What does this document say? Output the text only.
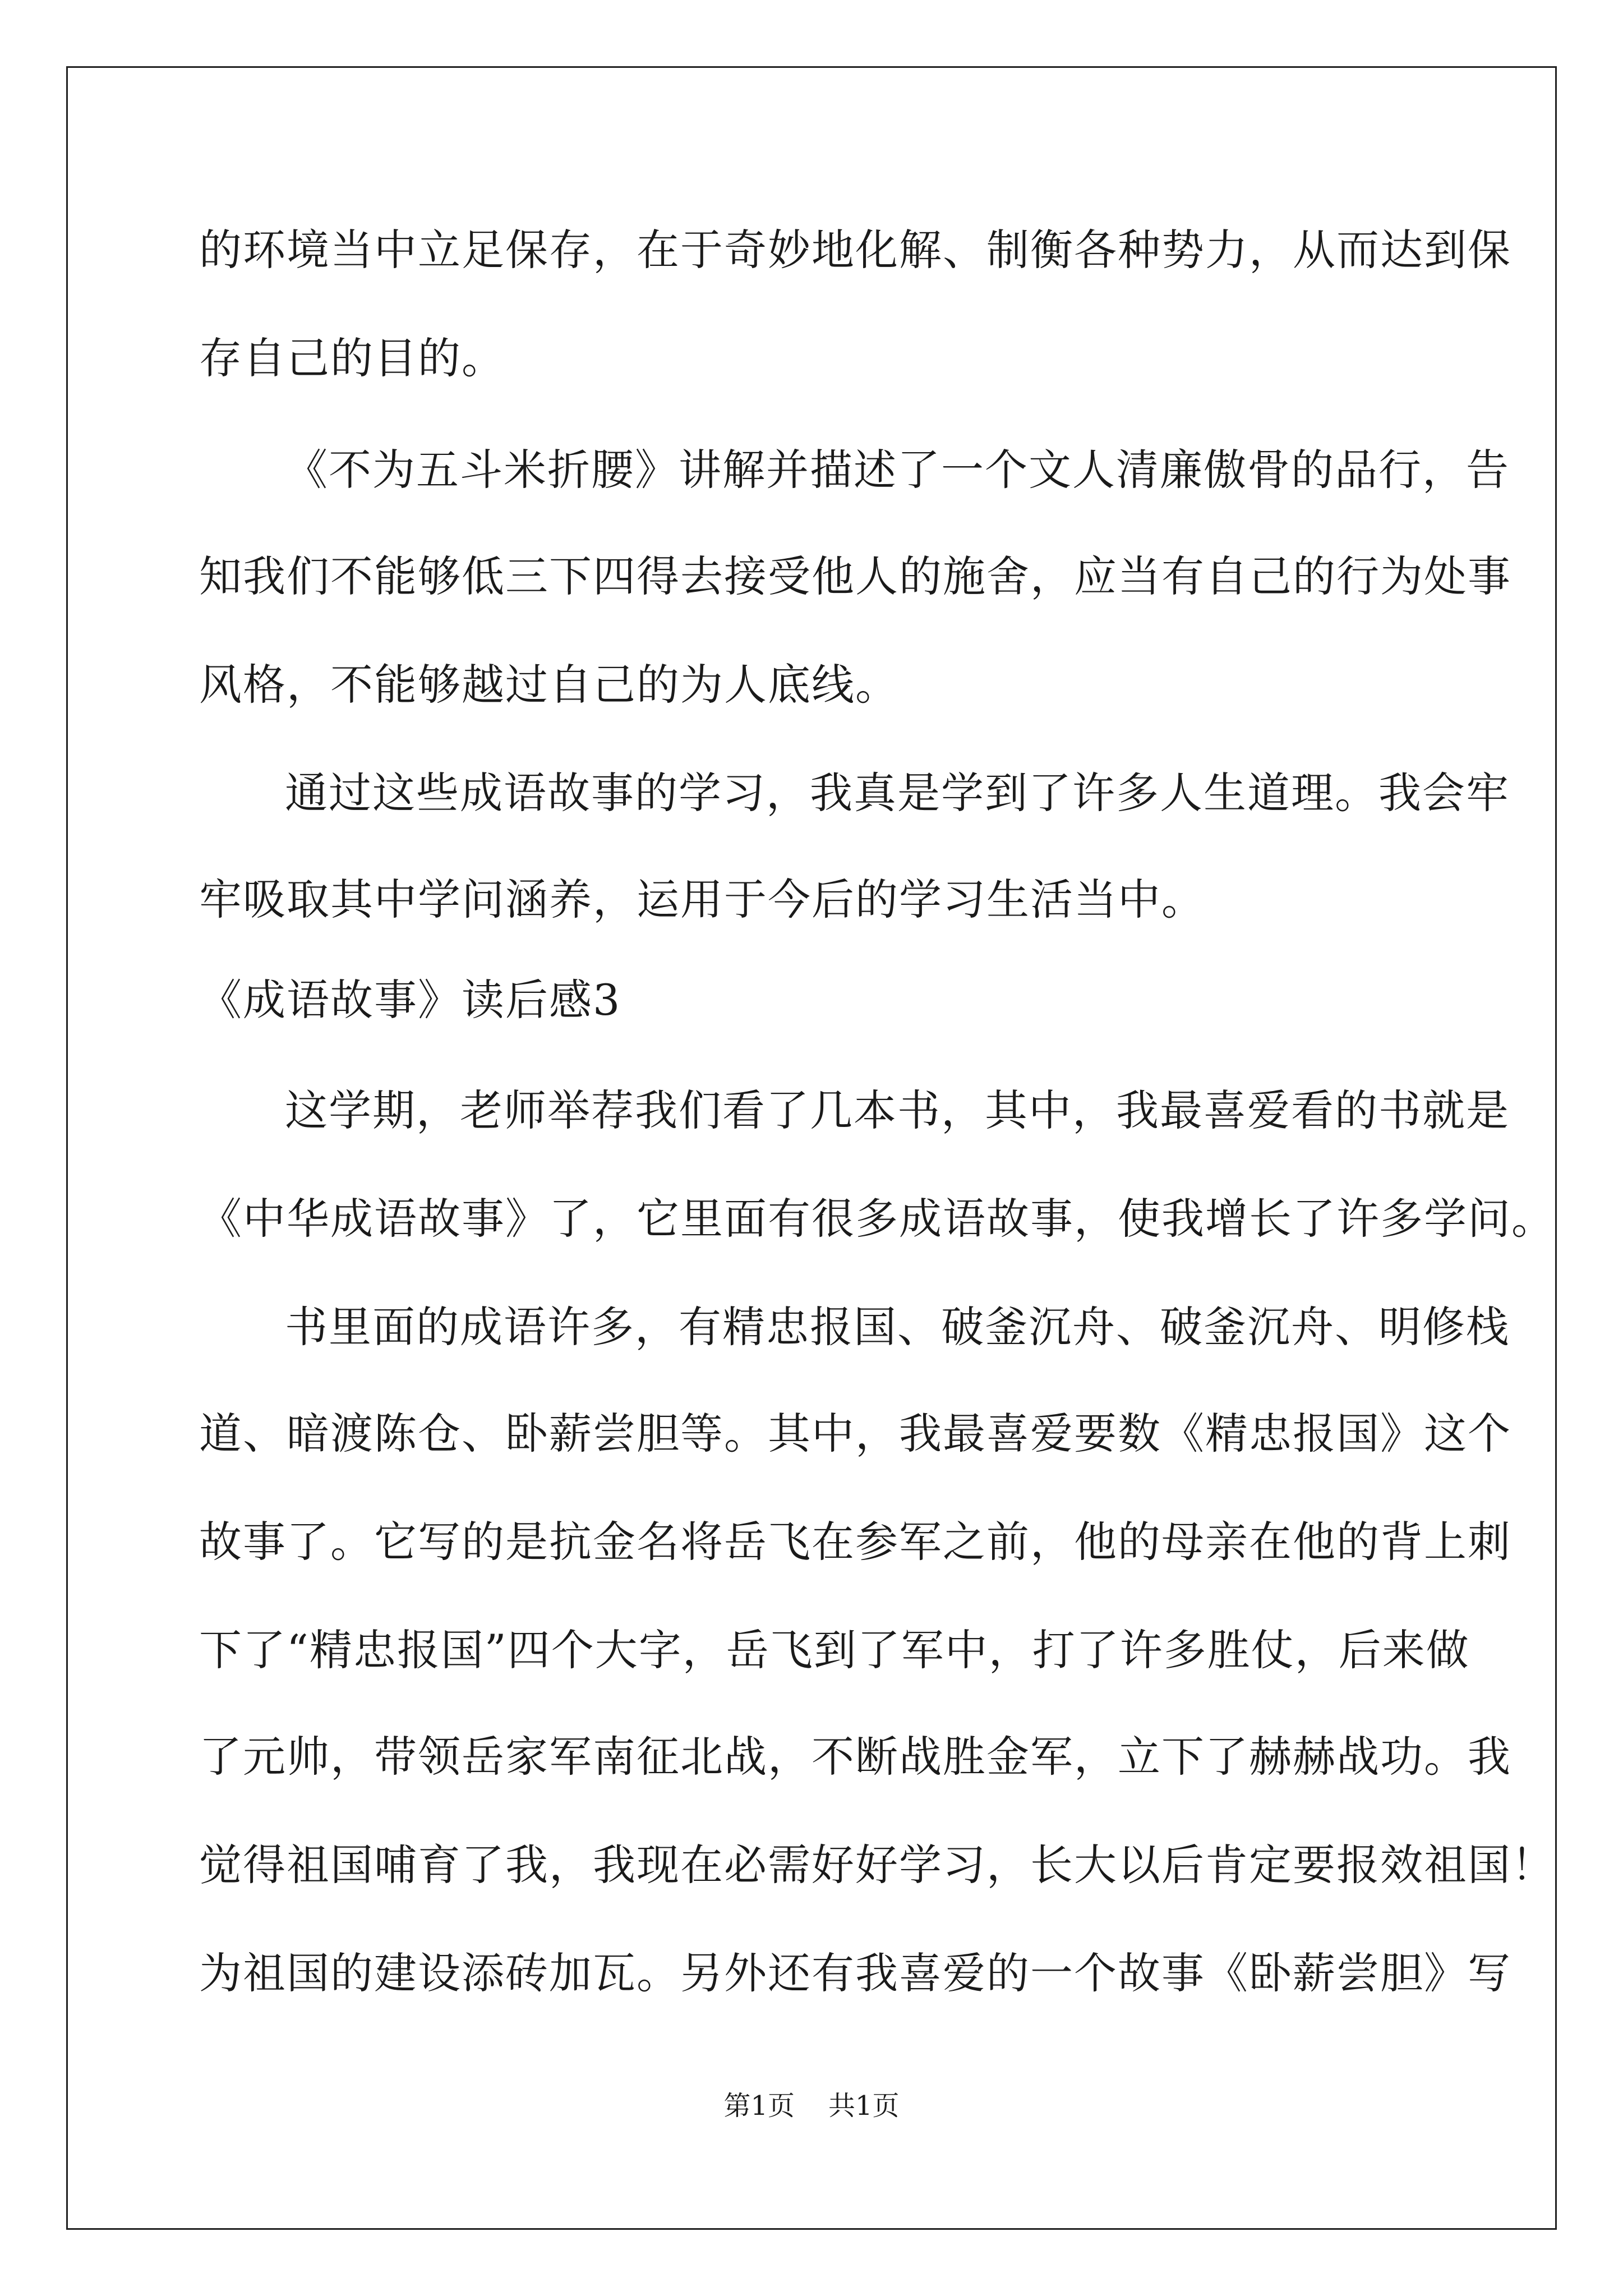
的环境当中立足保存，在于奇妙地化解、制衡各种势力，从而达到保
存自己的目的。
《不为五斗米折腰》讲解并描述了一个文人清廉傲骨的品行，告
知我们不能够低三下四得去接受他人的施舍，应当有自己的行为处事
风格，不能够越过自己的为人底线。
通过这些成语故事的学习，我真是学到了许多人生道理。我会牢
牢吸取其中学问涵养，运用于今后的学习生活当中。
《成语故事》读后感3
这学期，老师举荐我们看了几本书，其中，我最喜爱看的书就是
《中华成语故事》了，它里面有很多成语故事，使我增长了许多学问。
书里面的成语许多，有精忠报国、破釜沉舟、破釜沉舟、明修栈
道、暗渡陈仓、卧薪尝胆等。其中，我最喜爱要数《精忠报国》这个
故事了。它写的是抗金名将岳飞在参军之前，他的母亲在他的背上刺
下了“精忠报国”四个大字，岳飞到了军中，打了许多胜仗，后来做
了元帅，带领岳家军南征北战，不断战胜金军，立下了赫赫战功。我
觉得祖国哺育了我，我现在必需好好学习，长大以后肯定要报效祖国！
为祖国的建设添砖加瓦。另外还有我喜爱的一个故事《卧薪尝胆》写
第1页 共1页
